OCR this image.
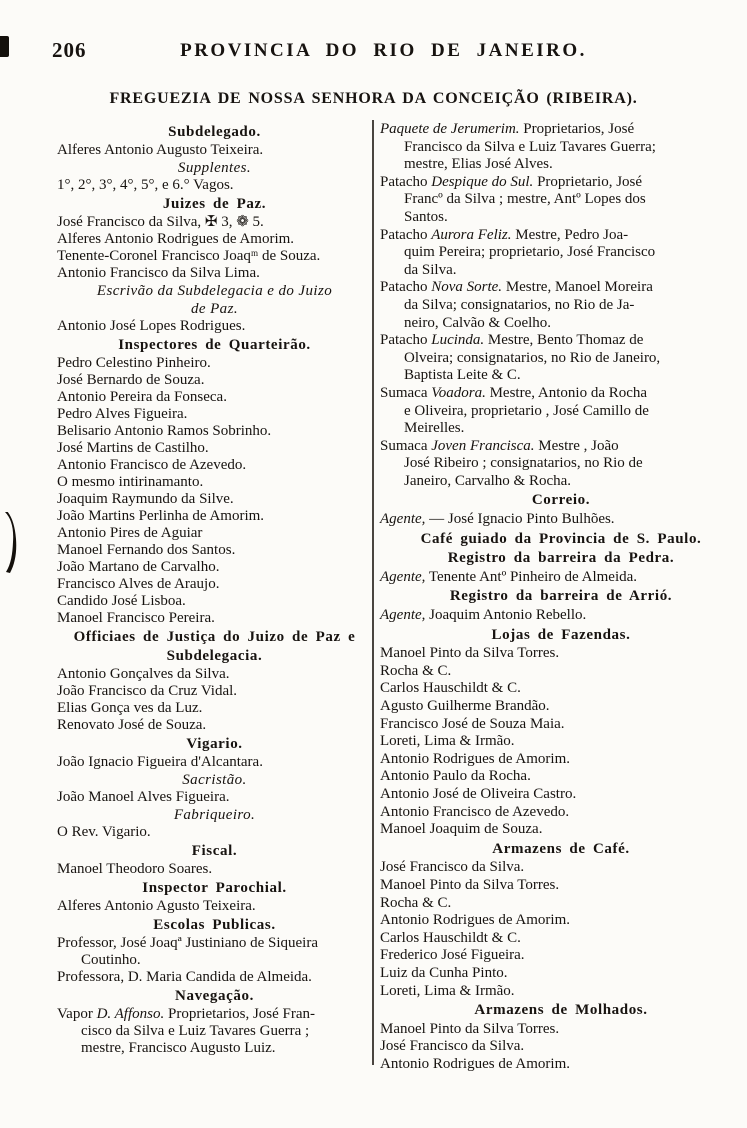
206	PROVINCIA DO RIO DE JANEIRO.
FREGUEZIA DE NOSSA SENHORA DA CONCEIÇÃO (RIBEIRA).
Subdelegado.
Alferes Antonio Augusto Teixeira.
Supplentes.
1°, 2°, 3°, 4°, 5°, e 6.° Vagos.
Juizes de Paz.
José Francisco da Silva, ✠ 3, ❁ 5.
Alferes Antonio Rodrigues de Amorim.
Tenente-Coronel Francisco Joaqᵐ de Souza.
Antonio Francisco da Silva Lima.
Escrivão da Subdelegacia e do Juizo
de Paz.
Antonio José Lopes Rodrigues.
Inspectores de Quarteirão.
Pedro Celestino Pinheiro.
José Bernardo de Souza.
Antonio Pereira da Fonseca.
Pedro Alves Figueira.
Belisario Antonio Ramos Sobrinho.
José Martins de Castilho.
Antonio Francisco de Azevedo.
O mesmo intirinamanto.
Joaquim Raymundo da Silve.
João Martins Perlinha de Amorim.
Antonio Pires de Aguiar
Manoel Fernando dos Santos.
João Martano de Carvalho.
Francisco Alves de Araujo.
Candido José Lisboa.
Manoel Francisco Pereira.
Officiaes de Justiça do Juizo de Paz e
Subdelegacia.
Antonio Gonçalves da Silva.
João Francisco da Cruz Vidal.
Elias Gonça ves da Luz.
Renovato José de Souza.
Vigario.
João Ignacio Figueira d'Alcantara.
Sacristão.
João Manoel Alves Figueira.
Fabriqueiro.
O Rev. Vigario.
Fiscal.
Manoel Theodoro Soares.
Inspector Parochial.
Alferes Antonio Agusto Teixeira.
Escolas Publicas.
Professor, José Joaqª Justiniano de Siqueira
Coutinho.
Professora, D. Maria Candida de Almeida.
Navegação.
Vapor D. Affonso. Proprietarios, José Fran-
cisco da Silva e Luiz Tavares Guerra ;
mestre, Francisco Augusto Luiz.
Paquete de Jerumerim. Proprietarios, José
Francisco da Silva e Luiz Tavares Guerra;
mestre, Elias José Alves.
Patacho Despique do Sul. Proprietario, José
Francº da Silva ; mestre, Antº Lopes dos
Santos.
Patacho Aurora Feliz. Mestre, Pedro Joa-
quim Pereira; proprietario, José Francisco
da Silva.
Patacho Nova Sorte. Mestre, Manoel Moreira
da Silva; consignatarios, no Rio de Ja-
neiro, Calvão & Coelho.
Patacho Lucinda. Mestre, Bento Thomaz de
Olveira; consignatarios, no Rio de Janeiro,
Baptista Leite & C.
Sumaca Voadora. Mestre, Antonio da Rocha
e Oliveira, proprietario , José Camillo de
Meirelles.
Sumaca Joven Francisca. Mestre , João
José Ribeiro ; consignatarios, no Rio de
Janeiro, Carvalho & Rocha.
Correio.
Agente, — José Ignacio Pinto Bulhões.
Café guiado da Provincia de S. Paulo.
Registro da barreira da Pedra.
Agente, Tenente Antº Pinheiro de Almeida.
Registro da barreira de Arrió.
Agente, Joaquim Antonio Rebello.
Lojas de Fazendas.
Manoel Pinto da Silva Torres.
Rocha & C.
Carlos Hauschildt & C.
Agusto Guilherme Brandão.
Francisco José de Souza Maia.
Loreti, Lima & Irmão.
Antonio Rodrigues de Amorim.
Antonio Paulo da Rocha.
Antonio José de Oliveira Castro.
Antonio Francisco de Azevedo.
Manoel Joaquim de Souza.
Armazens de Café.
José Francisco da Silva.
Manoel Pinto da Silva Torres.
Rocha & C.
Antonio Rodrigues de Amorim.
Carlos Hauschildt & C.
Frederico José Figueira.
Luiz da Cunha Pinto.
Loreti, Lima & Irmão.
Armazens de Molhados.
Manoel Pinto da Silva Torres.
José Francisco da Silva.
Antonio Rodrigues de Amorim.
